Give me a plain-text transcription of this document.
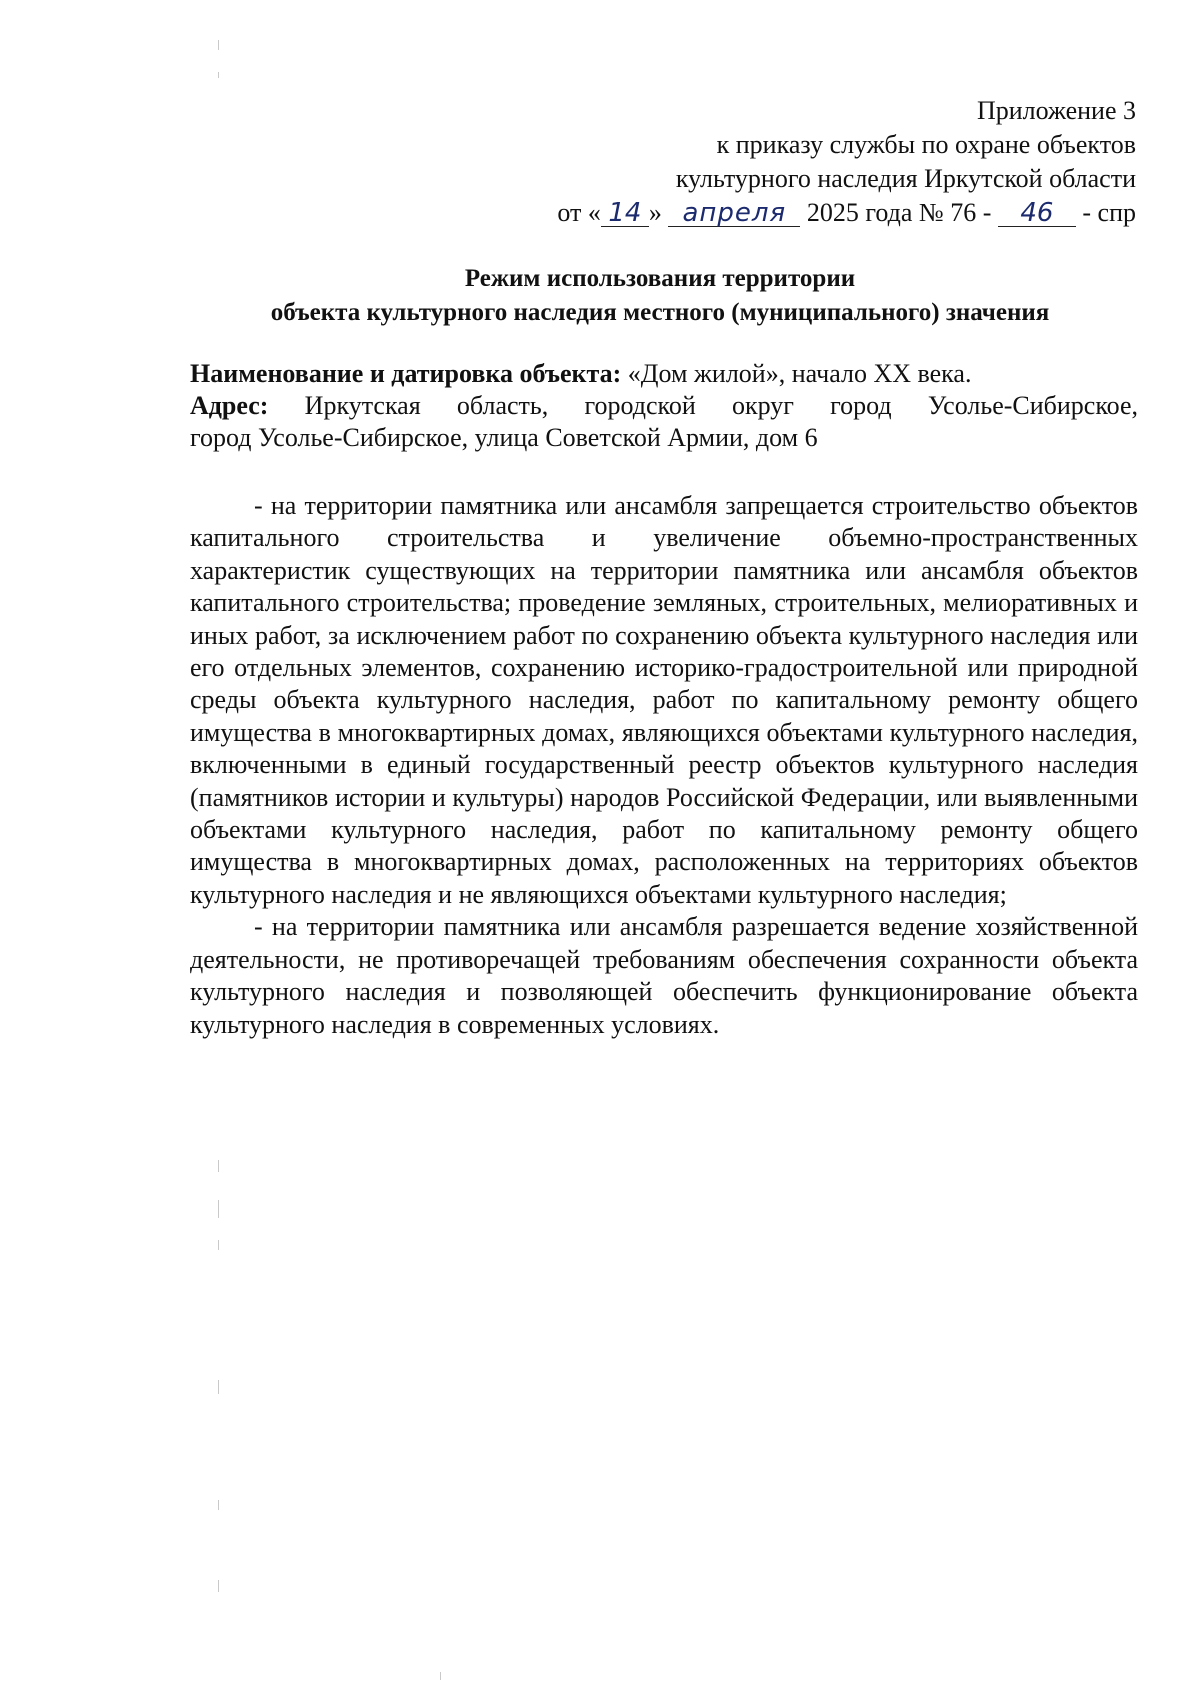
Приложение 3
к приказу службы по охране объектов
культурного наследия Иркутской области
от « 14 » апреля 2025 года № 76 - 46 - спр
Режим использования территории
объекта культурного наследия местного (муниципального) значения
Наименование и датировка объекта: «Дом жилой», начало XX века.
Адрес: Иркутская область, городской округ город Усолье-Сибирское,
город Усолье-Сибирское, улица Советской Армии, дом 6

- на территории памятника или ансамбля запрещается строительство объектов капитального строительства и увеличение объемно-пространственных характеристик существующих на территории памятника или ансамбля объектов капитального строительства; проведение земляных, строительных, мелиоративных и иных работ, за исключением работ по сохранению объекта культурного наследия или его отдельных элементов, сохранению историко-градостроительной или природной среды объекта культурного наследия, работ по капитальному ремонту общего имущества в многоквартирных домах, являющихся объектами культурного наследия, включенными в единый государственный реестр объектов культурного наследия (памятников истории и культуры) народов Российской Федерации, или выявленными объектами культурного наследия, работ по капитальному ремонту общего имущества в многоквартирных домах, расположенных на территориях объектов культурного наследия и не являющихся объектами культурного наследия;

- на территории памятника или ансамбля разрешается ведение хозяйственной деятельности, не противоречащей требованиям обеспечения сохранности объекта культурного наследия и позволяющей обеспечить функционирование объекта культурного наследия в современных условиях.
